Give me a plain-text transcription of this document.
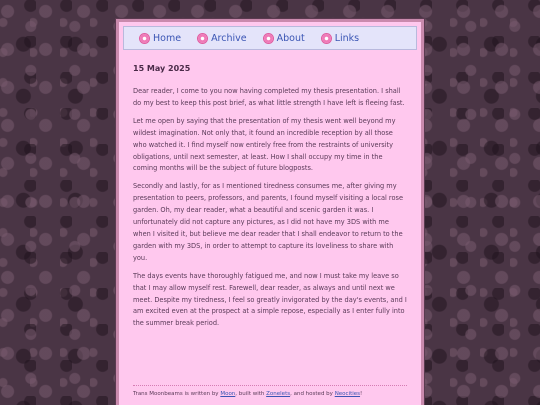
Home	Archive	About	Links
15 May 2025

Dear reader, I come to you now having completed my thesis presentation. I shall do my best to keep this post brief, as what little strength I have left is fleeing fast.

Let me open by saying that the presentation of my thesis went well beyond my wildest imagination. Not only that, it found an incredible reception by all those who watched it. I find myself now entirely free from the restraints of university obligations, until next semester, at least. How I shall occupy my time in the coming months will be the subject of future blogposts.

Secondly and lastly, for as I mentioned tiredness consumes me, after giving my presentation to peers, professors, and parents, I found myself visiting a local rose garden. Oh, my dear reader, what a beautiful and scenic garden it was. I unfortunately did not capture any pictures, as I did not have my 3DS with me when I visited it, but believe me dear reader that I shall endeavor to return to the garden with my 3DS, in order to attempt to capture its loveliness to share with you.

The days events have thoroughly fatigued me, and now I must take my leave so that I may allow myself rest. Farewell, dear reader, as always and until next we meet. Despite my tiredness, I feel so greatly invigorated by the day's events, and I am excited even at the prospect at a simple repose, especially as I enter fully into the summer break period.

Trans Moonbeams is written by Moon, built with Zonelets, and hosted by Neocities!
